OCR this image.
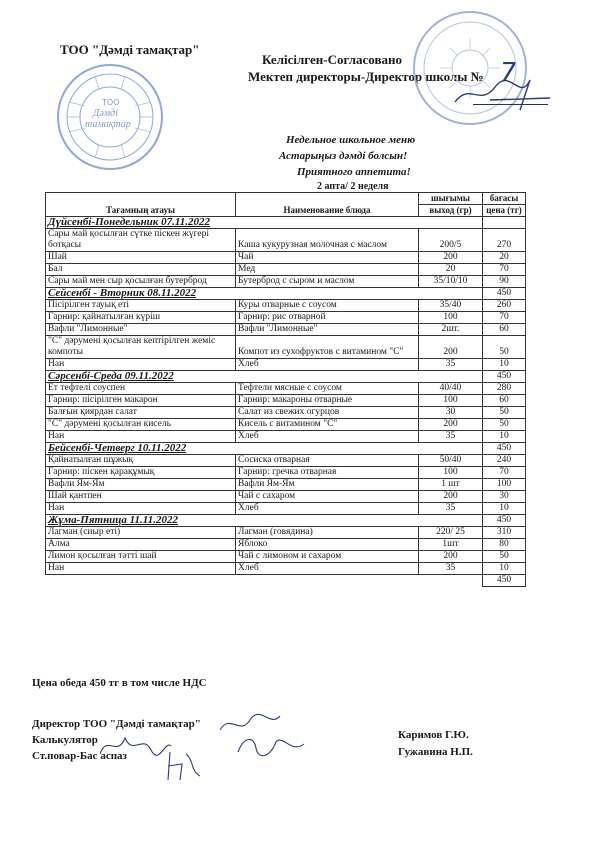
ТОО "Дәмді тамақтар"
Келісілген-Согласовано
Мектеп директоры-Директор школы № 7
ТОО
Дәмді
тамақтар
Недельное школьное меню
Астарыңыз дәмді болсын!
Приятного аппетита!
2 апта/ 2 неделя
Тағамның атауы	Наименование блюда	шығымы	бағасы
		выход (гр)	цена (тг)
Дүйсенбі-Понедельник 07.11.2022			
Сары май қосылған сүтке піскен жүгері ботқасы	Каша кукурузная молочная с маслом	200/5	270
Шай	Чай	200	20
Бал	Мед	20	70
Сары май мен сыр қосылған бутерброд	Бутерброд с сыром и маслом	35/10/10	90
Сейсенбі - Вторник 08.11.2022			450
Пісірілген тауық еті	Куры отварные с соусом	35/40	260
Гарнир: қайнатылған күріш	Гарнир: рис отварной	100	70
Вафли "Лимонные"	Вафли "Лимонные"	2шт.	60
"С" дәрумені қосылған кептірілген жеміс компоты	Компот из сухофруктов с витамином "С"	200	50
Нан	Хлеб	35	10
Сәрсенбі-Среда 09.11.2022			450
Ет тефтелі соуспен	Тефтели мясные с соусом	40/40	280
Гарнир: пісірілген макарон	Гарнир: макароны отварные	100	60
Балғын қиярдан салат	Салат из свежих огурцов	30	50
"С" дәрумені қосылған кисель	Кисель с витамином "С"	200	50
Нан	Хлеб	35	10
Бейсенбі-Четверг 10.11.2022			450
Қайнатылған шұжық	Сосиска отварная	50/40	240
Гарнир: піскен қарақұмық	Гарнир: гречка отварная	100	70
Вафли Ям-Ям	Вафли Ям-Ям	1 шт	100
Шай қантпен	Чай с сахаром	200	30
Нан	Хлеб	35	10
Жұма-Пятница 11.11.2022			450
Лагман (сиыр еті)	Лагман (говядина)	220/ 25	310
Алма	Яблоко	1шт	80
Лимон қосылған тәтті шай	Чай с лимоном и сахаром	200	50
Нан	Хлеб	35	10
			450
Цена обеда 450 тг в том числе НДС
Директор ТОО "Дәмді тамақтар"
Калькулятор
Ст.повар-Бас аспаз
Каримов Г.Ю.
Гужавина Н.П.
